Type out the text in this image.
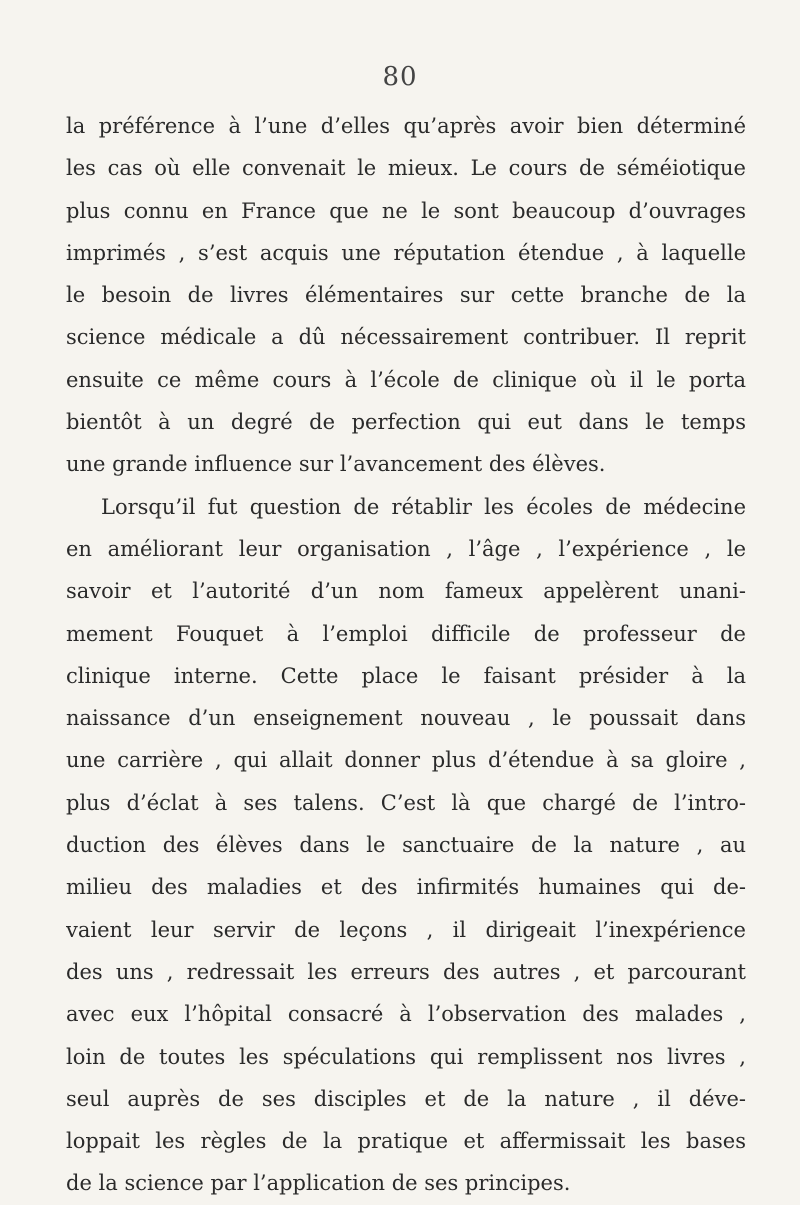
80
la préférence à l’une d’elles qu’après avoir bien déterminé
les cas où elle convenait le mieux. Le cours de séméiotique
plus connu en France que ne le sont beaucoup d’ouvrages
imprimés , s’est acquis une réputation étendue , à laquelle
le besoin de livres élémentaires sur cette branche de la
science médicale a dû nécessairement contribuer. Il reprit
ensuite ce même cours à l’école de clinique où il le porta
bientôt à un degré de perfection qui eut dans le temps
une grande influence sur l’avancement des élèves.
Lorsqu’il fut question de rétablir les écoles de médecine
en améliorant leur organisation , l’âge , l’expérience , le
savoir et l’autorité d’un nom fameux appelèrent unani-
mement Fouquet à l’emploi difficile de professeur de
clinique interne. Cette place le faisant présider à la
naissance d’un enseignement nouveau , le poussait dans
une carrière , qui allait donner plus d’étendue à sa gloire ,
plus d’éclat à ses talens. C’est là que chargé de l’intro-
duction des élèves dans le sanctuaire de la nature , au
milieu des maladies et des infirmités humaines qui de-
vaient leur servir de leçons , il dirigeait l’inexpérience
des uns , redressait les erreurs des autres , et parcourant
avec eux l’hôpital consacré à l’observation des malades ,
loin de toutes les spéculations qui remplissent nos livres ,
seul auprès de ses disciples et de la nature , il déve-
loppait les règles de la pratique et affermissait les bases
de la science par l’application de ses principes.
